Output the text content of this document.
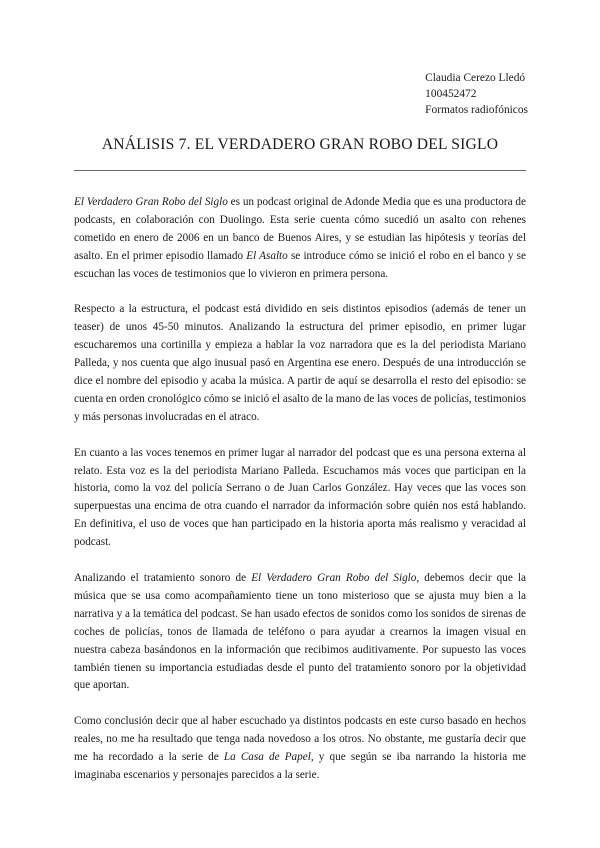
Claudia Cerezo Lledó
100452472
Formatos radiofónicos
ANÁLISIS 7. EL VERDADERO GRAN ROBO DEL SIGLO

El Verdadero Gran Robo del Siglo es un podcast original de Adonde Media que es una productora de podcasts, en colaboración con Duolingo. Esta serie cuenta cómo sucedió un asalto con rehenes cometido en enero de 2006 en un banco de Buenos Aires, y se estudian las hipótesis y teorías del asalto. En el primer episodio llamado El Asalto se introduce cómo se inició el robo en el banco y se escuchan las voces de testimonios que lo vivieron en primera persona.

Respecto a la estructura, el podcast está dividido en seis distintos episodios (además de tener un teaser) de unos 45-50 minutos. Analizando la estructura del primer episodio, en primer lugar escucharemos una cortinilla y empieza a hablar la voz narradora que es la del periodista Mariano Palleda, y nos cuenta que algo inusual pasó en Argentina ese enero. Después de una introducción se dice el nombre del episodio y acaba la música. A partir de aquí se desarrolla el resto del episodio: se cuenta en orden cronológico cómo se inició el asalto de la mano de las voces de policías, testimonios y más personas involucradas en el atraco.

En cuanto a las voces tenemos en primer lugar al narrador del podcast que es una persona externa al relato. Esta voz es la del periodista Mariano Palleda. Escuchamos más voces que participan en la historia, como la voz del policía Serrano o de Juan Carlos González. Hay veces que las voces son superpuestas una encima de otra cuando el narrador da información sobre quién nos está hablando. En definitiva, el uso de voces que han participado en la historia aporta más realismo y veracidad al podcast.

Analizando el tratamiento sonoro de El Verdadero Gran Robo del Siglo, debemos decir que la música que se usa como acompañamiento tiene un tono misterioso que se ajusta muy bien a la narrativa y a la temática del podcast. Se han usado efectos de sonidos como los sonidos de sirenas de coches de policías, tonos de llamada de teléfono o para ayudar a crearnos la imagen visual en nuestra cabeza basándonos en la información que recibimos auditivamente. Por supuesto las voces también tienen su importancia estudiadas desde el punto del tratamiento sonoro por la objetividad que aportan.

Como conclusión decir que al haber escuchado ya distintos podcasts en este curso basado en hechos reales, no me ha resultado que tenga nada novedoso a los otros. No obstante, me gustaría decir que me ha recordado a la serie de La Casa de Papel, y que según se iba narrando la historia me imaginaba escenarios y personajes parecidos a la serie.
